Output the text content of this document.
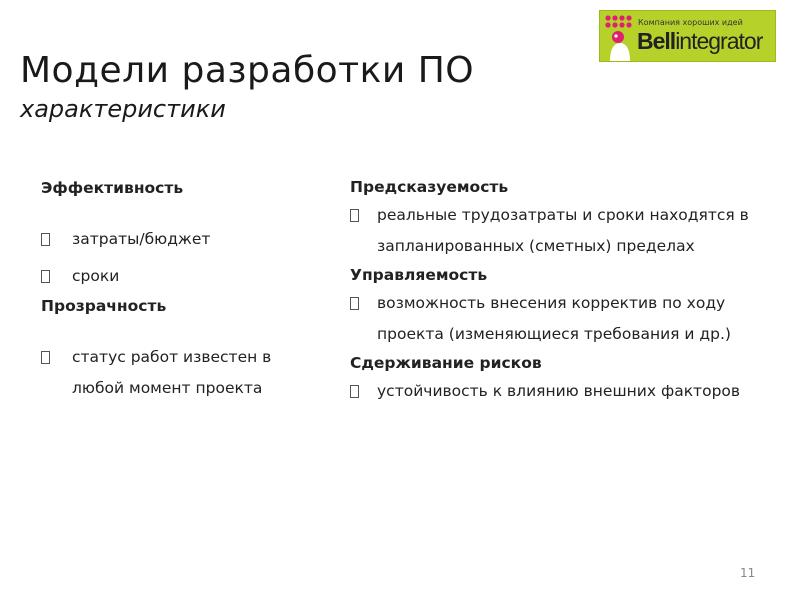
Модели разработки ПО
характеристики
Компания хороших идей
Bellintegrator
Эффективность
затраты/бюджет
сроки
Прозрачность
статус работ известен в любой момент проекта
Предсказуемость
реальные трудозатраты и сроки находятся в запланированных (сметных) пределах
Управляемость
возможность внесения корректив по ходу проекта (изменяющиеся требования и др.)
Сдерживание рисков
устойчивость к влиянию внешних факторов
11
